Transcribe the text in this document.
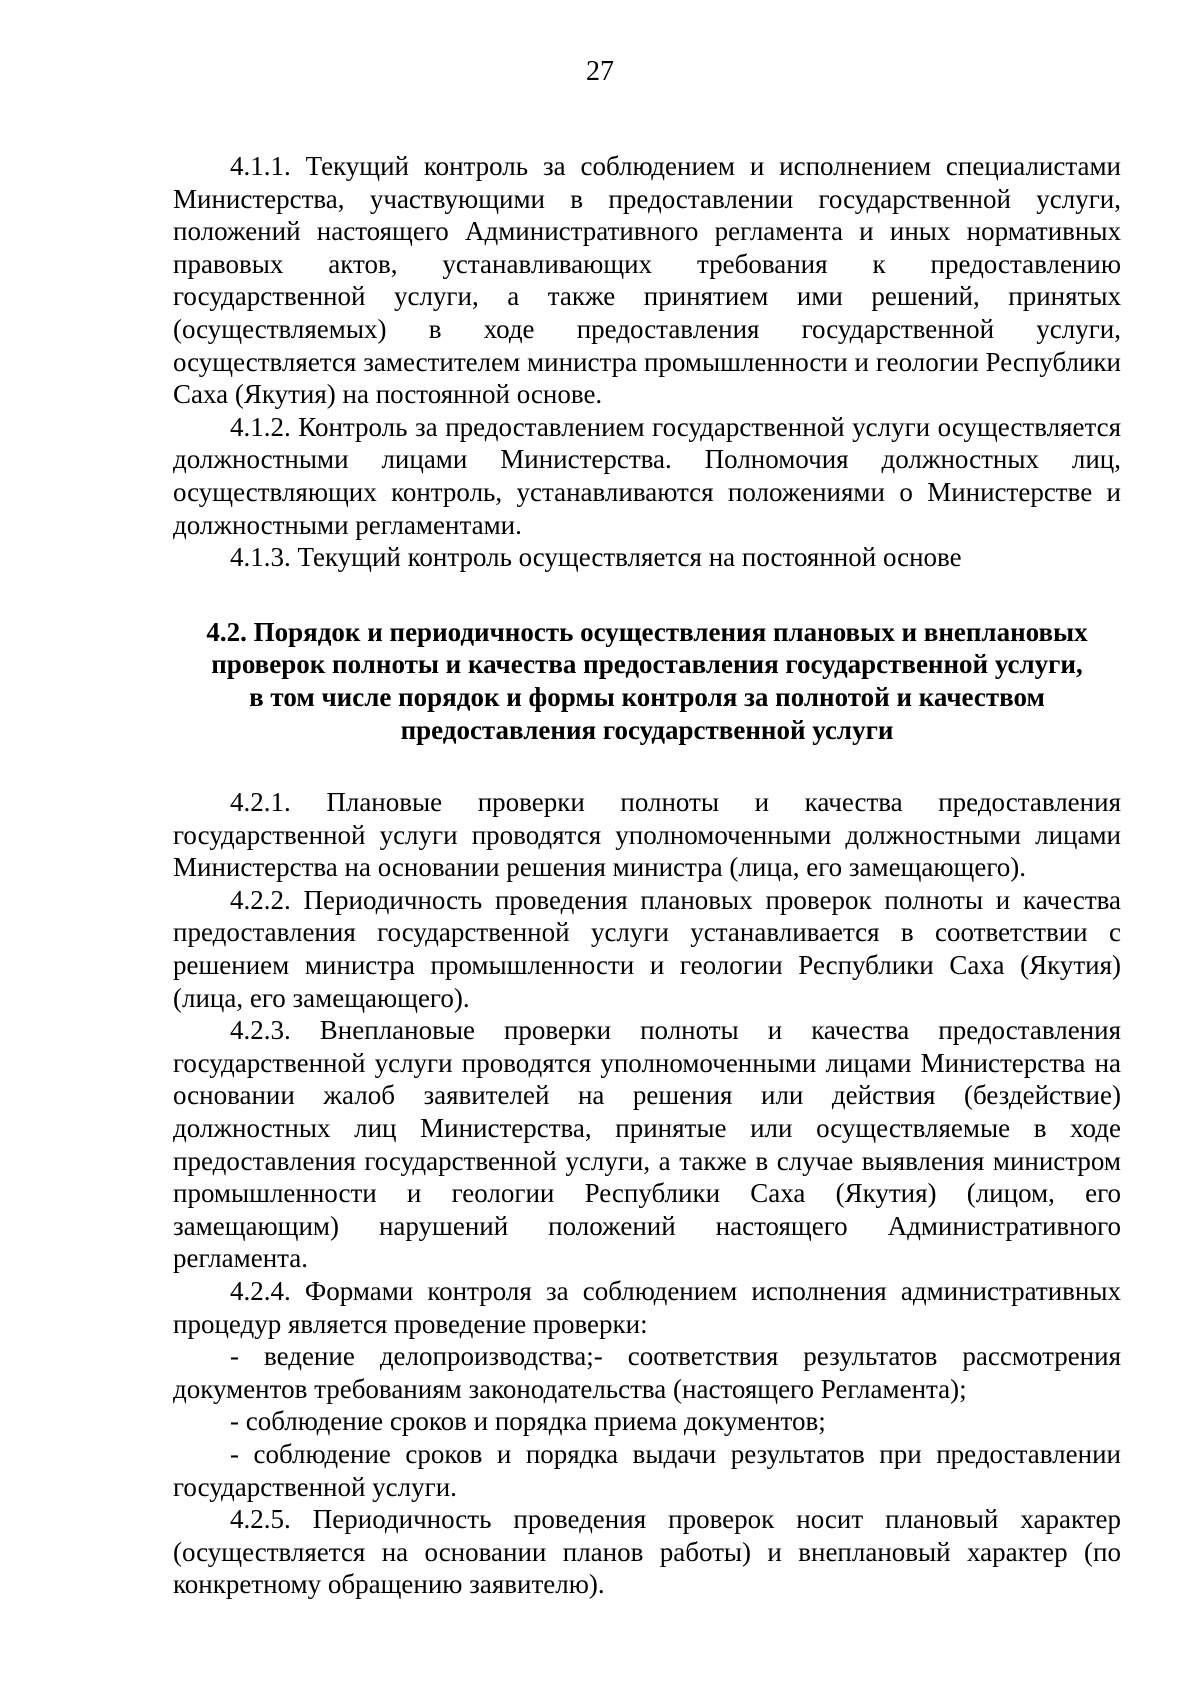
27

4.1.1. Текущий контроль за соблюдением и исполнением специалистами Министерства, участвующими в предоставлении государственной услуги, положений настоящего Административного регламента и иных нормативных правовых актов, устанавливающих требования к предоставлению государственной услуги, а также принятием ими решений, принятых (осуществляемых) в ходе предоставления государственной услуги, осуществляется заместителем министра промышленности и геологии Республики Саха (Якутия) на постоянной основе.

4.1.2. Контроль за предоставлением государственной услуги осуществляется должностными лицами Министерства. Полномочия должностных лиц, осуществляющих контроль, устанавливаются положениями о Министерстве и должностными регламентами.

4.1.3. Текущий контроль осуществляется на постоянной основе

4.2. Порядок и периодичность осуществления плановых и внеплановых проверок полноты и качества предоставления государственной услуги, в том числе порядок и формы контроля за полнотой и качеством предоставления государственной услуги

4.2.1. Плановые проверки полноты и качества предоставления государственной услуги проводятся уполномоченными должностными лицами Министерства на основании решения министра (лица, его замещающего).

4.2.2. Периодичность проведения плановых проверок полноты и качества предоставления государственной услуги устанавливается в соответствии с решением министра промышленности и геологии Республики Саха (Якутия) (лица, его замещающего).

4.2.3. Внеплановые проверки полноты и качества предоставления государственной услуги проводятся уполномоченными лицами Министерства на основании жалоб заявителей на решения или действия (бездействие) должностных лиц Министерства, принятые или осуществляемые в ходе предоставления государственной услуги, а также в случае выявления министром промышленности и геологии Республики Саха (Якутия) (лицом, его замещающим) нарушений положений настоящего Административного регламента.

4.2.4. Формами контроля за соблюдением исполнения административных процедур является проведение проверки:

- ведение делопроизводства;- соответствия результатов рассмотрения документов требованиям законодательства (настоящего Регламента);

- соблюдение сроков и порядка приема документов;

- соблюдение сроков и порядка выдачи результатов при предоставлении государственной услуги.

4.2.5. Периодичность проведения проверок носит плановый характер (осуществляется на основании планов работы) и внеплановый характер (по конкретному обращению заявителю).
